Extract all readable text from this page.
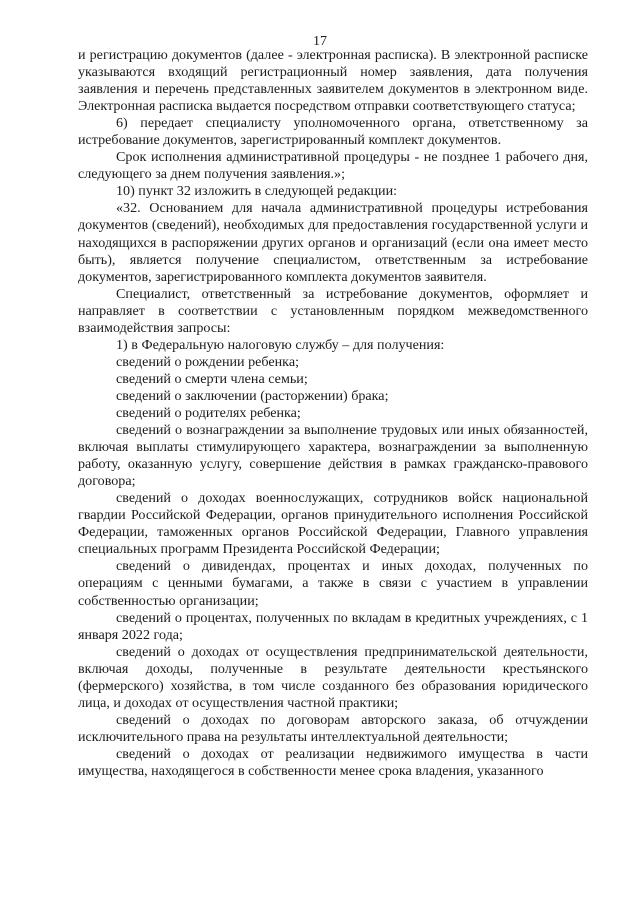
17

и регистрацию документов (далее - электронная расписка). В электронной расписке указываются входящий регистрационный номер заявления, дата получения заявления и перечень представленных заявителем документов в электронном виде. Электронная расписка выдается посредством отправки соответствующего статуса;

6) передает специалисту уполномоченного органа, ответственному за истребование документов, зарегистрированный комплект документов.

Срок исполнения административной процедуры - не позднее 1 рабочего дня, следующего за днем получения заявления.»;

10) пункт 32 изложить в следующей редакции:

«32. Основанием для начала административной процедуры истребования документов (сведений), необходимых для предоставления государственной услуги и находящихся в распоряжении других органов и организаций (если она имеет место быть), является получение специалистом, ответственным за истребование документов, зарегистрированного комплекта документов заявителя.

Специалист, ответственный за истребование документов, оформляет и направляет в соответствии с установленным порядком межведомственного взаимодействия запросы:

1) в Федеральную налоговую службу – для получения:

сведений о рождении ребенка;

сведений о смерти члена семьи;

сведений о заключении (расторжении) брака;

сведений о родителях ребенка;

сведений о вознаграждении за выполнение трудовых или иных обязанностей, включая выплаты стимулирующего характера, вознаграждении за выполненную работу, оказанную услугу, совершение действия в рамках гражданско-правового договора;

сведений о доходах военнослужащих, сотрудников войск национальной гвардии Российской Федерации, органов принудительного исполнения Российской Федерации, таможенных органов Российской Федерации, Главного управления специальных программ Президента Российской Федерации;

сведений о дивидендах, процентах и иных доходах, полученных по операциям с ценными бумагами, а также в связи с участием в управлении собственностью организации;

сведений о процентах, полученных по вкладам в кредитных учреждениях, с 1 января 2022 года;

сведений о доходах от осуществления предпринимательской деятельности, включая доходы, полученные в результате деятельности крестьянского (фермерского) хозяйства, в том числе созданного без образования юридического лица, и доходах от осуществления частной практики;

сведений о доходах по договорам авторского заказа, об отчуждении исключительного права на результаты интеллектуальной деятельности;

сведений о доходах от реализации недвижимого имущества в части имущества, находящегося в собственности менее срока владения, указанного
